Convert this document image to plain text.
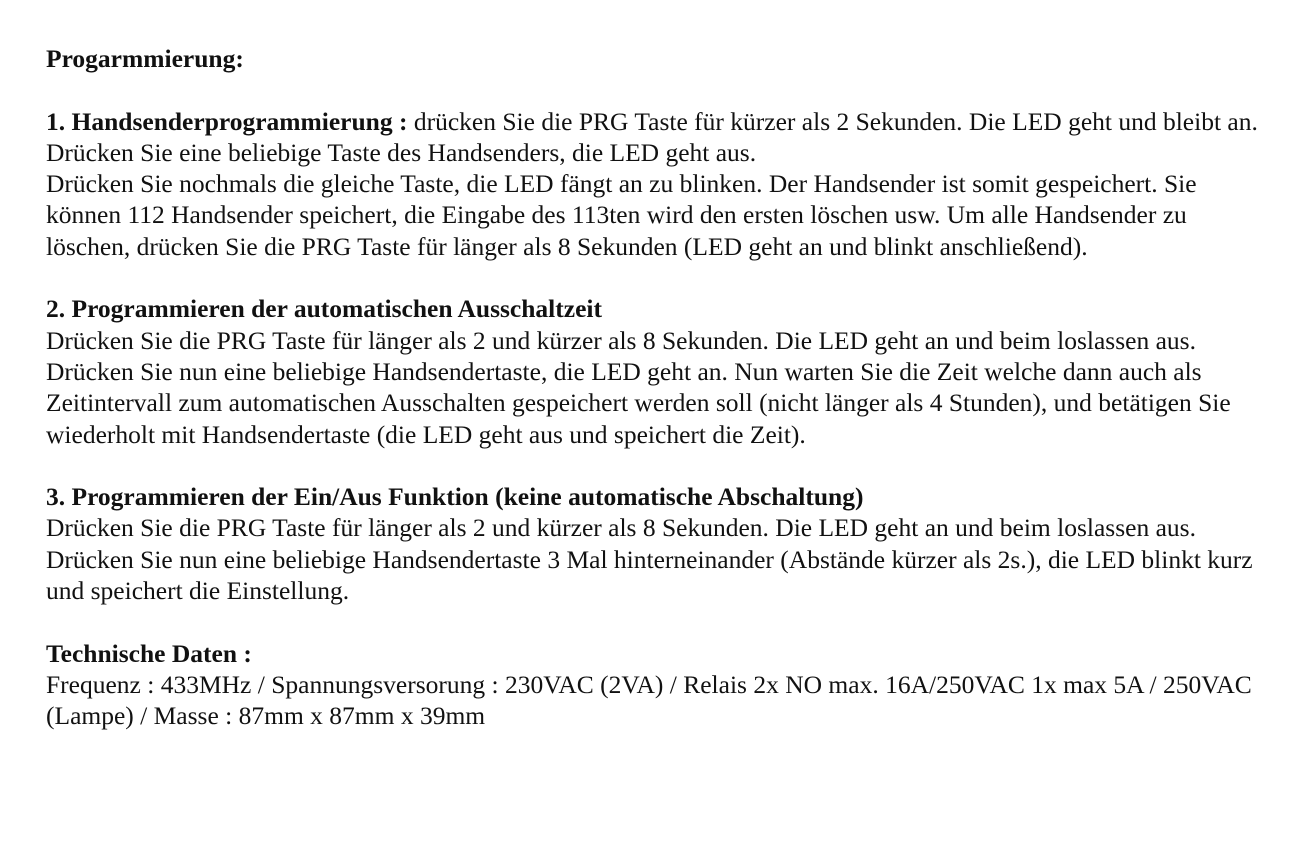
Progarmmierung:

1. Handsenderprogrammierung : drücken Sie die PRG Taste für kürzer als 2 Sekunden. Die LED geht und bleibt an. Drücken Sie eine beliebige Taste des Handsenders, die LED geht aus.

Drücken Sie nochmals die gleiche Taste, die LED fängt an zu blinken. Der Handsender ist somit gespeichert. Sie können 112 Handsender speichert, die Eingabe des 113ten wird den ersten löschen usw. Um alle Handsender zu löschen, drücken Sie die PRG Taste für länger als 8 Sekunden (LED geht an und blinkt anschließend).

2. Programmieren der automatischen Ausschaltzeit

Drücken Sie die PRG Taste für länger als 2 und kürzer als 8 Sekunden. Die LED geht an und beim loslassen aus. Drücken Sie nun eine beliebige Handsendertaste, die LED geht an. Nun warten Sie die Zeit welche dann auch als Zeitintervall zum automatischen Ausschalten gespeichert werden soll (nicht länger als 4 Stunden), und betätigen Sie wiederholt mit Handsendertaste (die LED geht aus und speichert die Zeit).

3. Programmieren der Ein/Aus Funktion (keine automatische Abschaltung)

Drücken Sie die PRG Taste für länger als 2 und kürzer als 8 Sekunden. Die LED geht an und beim loslassen aus. Drücken Sie nun eine beliebige Handsendertaste 3 Mal hinterneinander (Abstände kürzer als 2s.), die LED blinkt kurz und speichert die Einstellung.

Technische Daten :

Frequenz : 433MHz / Spannungsversorung : 230VAC (2VA) / Relais 2x NO max. 16A/250VAC 1x max 5A / 250VAC (Lampe) / Masse : 87mm x 87mm x 39mm
